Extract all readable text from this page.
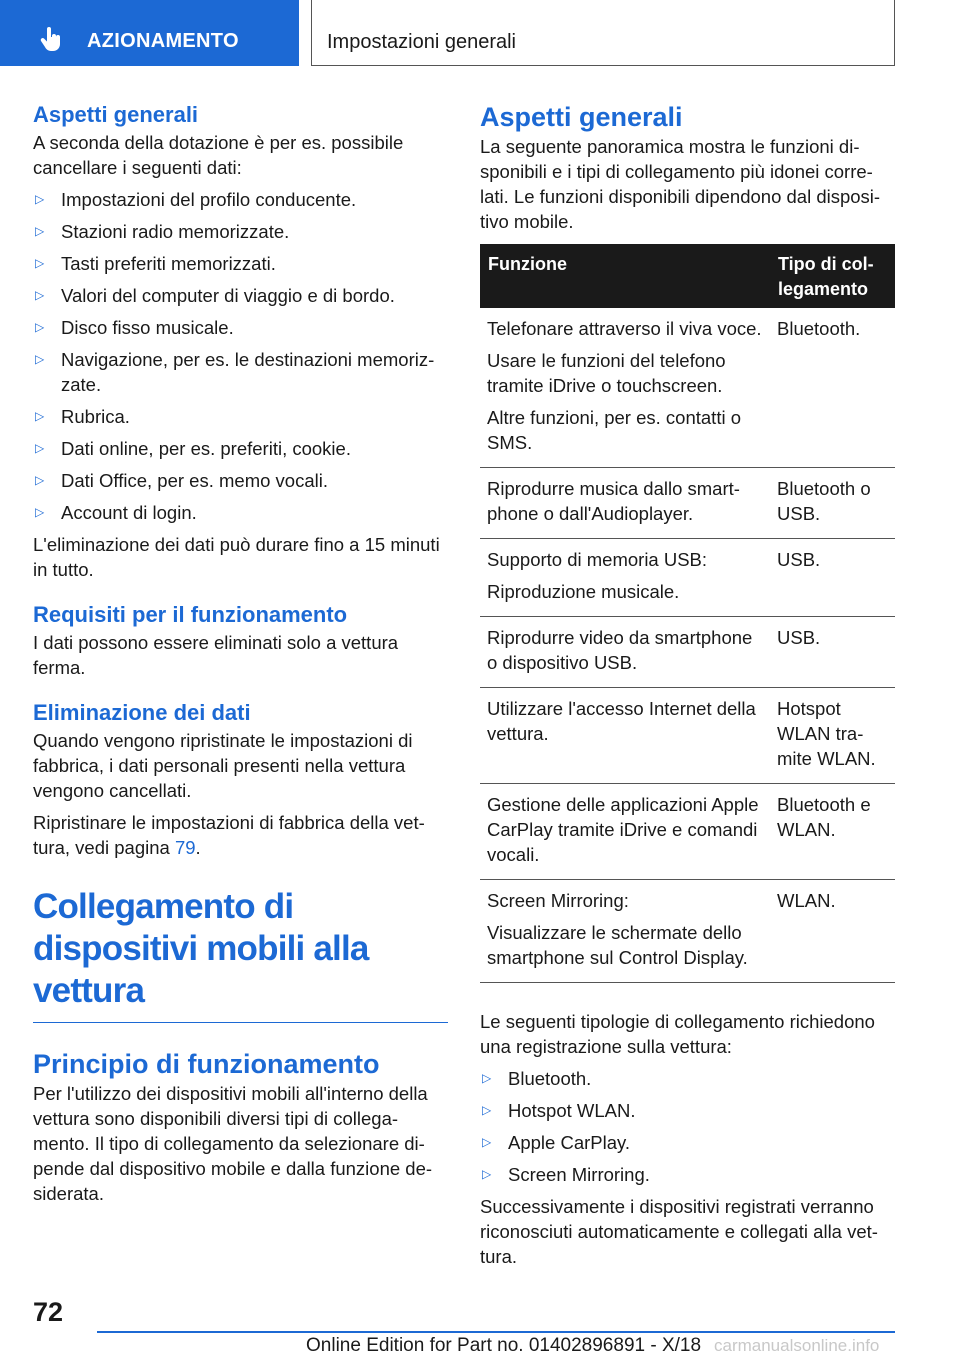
AZIONAMENTO	Impostazioni generali
Aspetti generali

A seconda della dotazione è per es. possibile cancellare i seguenti dati:

▷ Impostazioni del profilo conducente.
▷ Stazioni radio memorizzate.
▷ Tasti preferiti memorizzati.
▷ Valori del computer di viaggio e di bordo.
▷ Disco fisso musicale.
▷ Navigazione, per es. le destinazioni memorizzate.
▷ Rubrica.
▷ Dati online, per es. preferiti, cookie.
▷ Dati Office, per es. memo vocali.
▷ Account di login.

L'eliminazione dei dati può durare fino a 15 minuti in tutto.

Requisiti per il funzionamento

I dati possono essere eliminati solo a vettura ferma.

Eliminazione dei dati

Quando vengono ripristinate le impostazioni di fabbrica, i dati personali presenti nella vettura vengono cancellati.

Ripristinare le impostazioni di fabbrica della vettura, vedi pagina 79.

Collegamento di dispositivi mobili alla vettura
Principio di funzionamento

Per l'utilizzo dei dispositivi mobili all'interno della vettura sono disponibili diversi tipi di collegamento. Il tipo di collegamento da selezionare dipende dal dispositivo mobile e dalla funzione desiderata.

Aspetti generali

La seguente panoramica mostra le funzioni disponibili e i tipi di collegamento più idonei correlati. Le funzioni disponibili dipendono dal dispositivo mobile.

Funzione	Tipo di collegamento

Telefonare attraverso il viva voce.

Usare le funzioni del telefono tramite iDrive o touchscreen.

Altre funzioni, per es. contatti o SMS.	Bluetooth.

Riprodurre musica dallo smartphone o dall'Audioplayer.	Bluetooth o USB.

Supporto di memoria USB:

Riproduzione musicale.	USB.

Riprodurre video da smartphone o dispositivo USB.	USB.

Utilizzare l'accesso Internet della vettura.	Hotspot WLAN tramite WLAN.

Gestione delle applicazioni Apple CarPlay tramite iDrive e comandi vocali.	Bluetooth e WLAN.

Screen Mirroring:

Visualizzare le schermate dello smartphone sul Control Display.	WLAN.

Le seguenti tipologie di collegamento richiedono una registrazione sulla vettura:

▷ Bluetooth.
▷ Hotspot WLAN.
▷ Apple CarPlay.
▷ Screen Mirroring.

Successivamente i dispositivi registrati verranno riconosciuti automaticamente e collegati alla vettura.

72
Online Edition for Part no. 01402896891 - X/18 carmanualsonline.info
